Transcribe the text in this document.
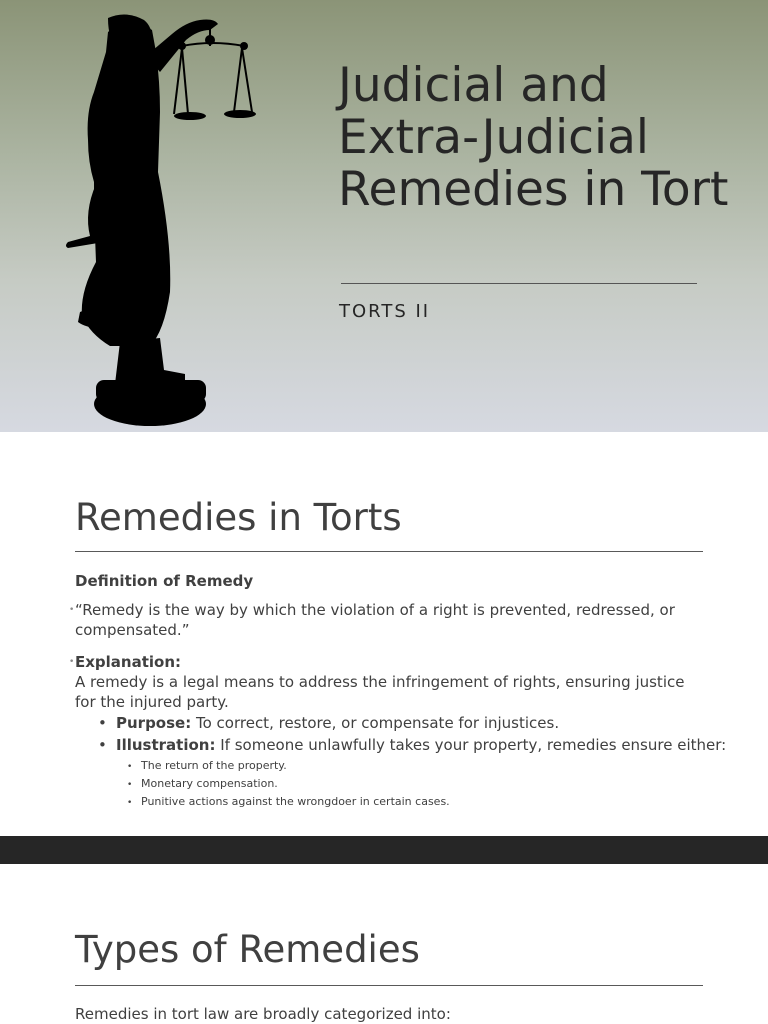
Judicial and Extra-Judicial Remedies in Tort
TORTS II
Remedies in Torts
Definition of Remedy
• “Remedy is the way by which the violation of a right is prevented, redressed, or compensated.”
• Explanation:
A remedy is a legal means to address the infringement of rights, ensuring justice for the injured party.
• Purpose: To correct, restore, or compensate for injustices.
• Illustration: If someone unlawfully takes your property, remedies ensure either:
• The return of the property.
• Monetary compensation.
• Punitive actions against the wrongdoer in certain cases.
Types of Remedies
Remedies in tort law are broadly categorized into:
